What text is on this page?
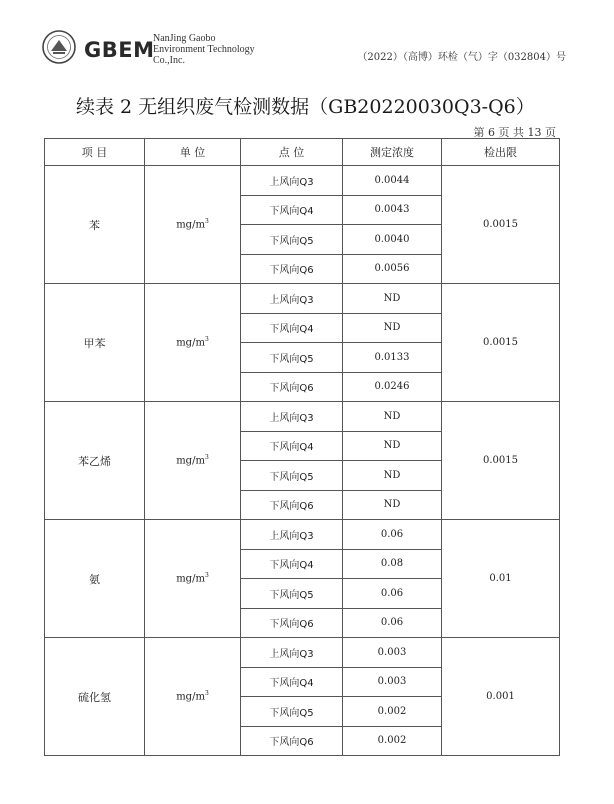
GBEM
NanJing Gaobo
Environment Technology
Co.,Inc.	（2022）（高博）环检（气）字（032804）号
续表 2 无组织废气检测数据（GB20220030Q3-Q6）
第 6 页 共 13 页
项 目	单 位	点 位	测定浓度	检出限
苯	$mg/m^3$	上风向Q3	0.0044	0.0015
		下风向Q4	0.0043	
		下风向Q5	0.0040	
		下风向Q6	0.0056	
甲苯	$mg/m^3$	上风向Q3	ND	0.0015
		下风向Q4	ND	
		下风向Q5	0.0133	
		下风向Q6	0.0246	
苯乙烯	$mg/m^3$	上风向Q3	ND	0.0015
		下风向Q4	ND	
		下风向Q5	ND	
		下风向Q6	ND	
氨	$mg/m^3$	上风向Q3	0.06	0.01
		下风向Q4	0.08	
		下风向Q5	0.06	
		下风向Q6	0.06	
硫化氢	$mg/m^3$	上风向Q3	0.003	0.001
		下风向Q4	0.003	
		下风向Q5	0.002	
		下风向Q6	0.002	
